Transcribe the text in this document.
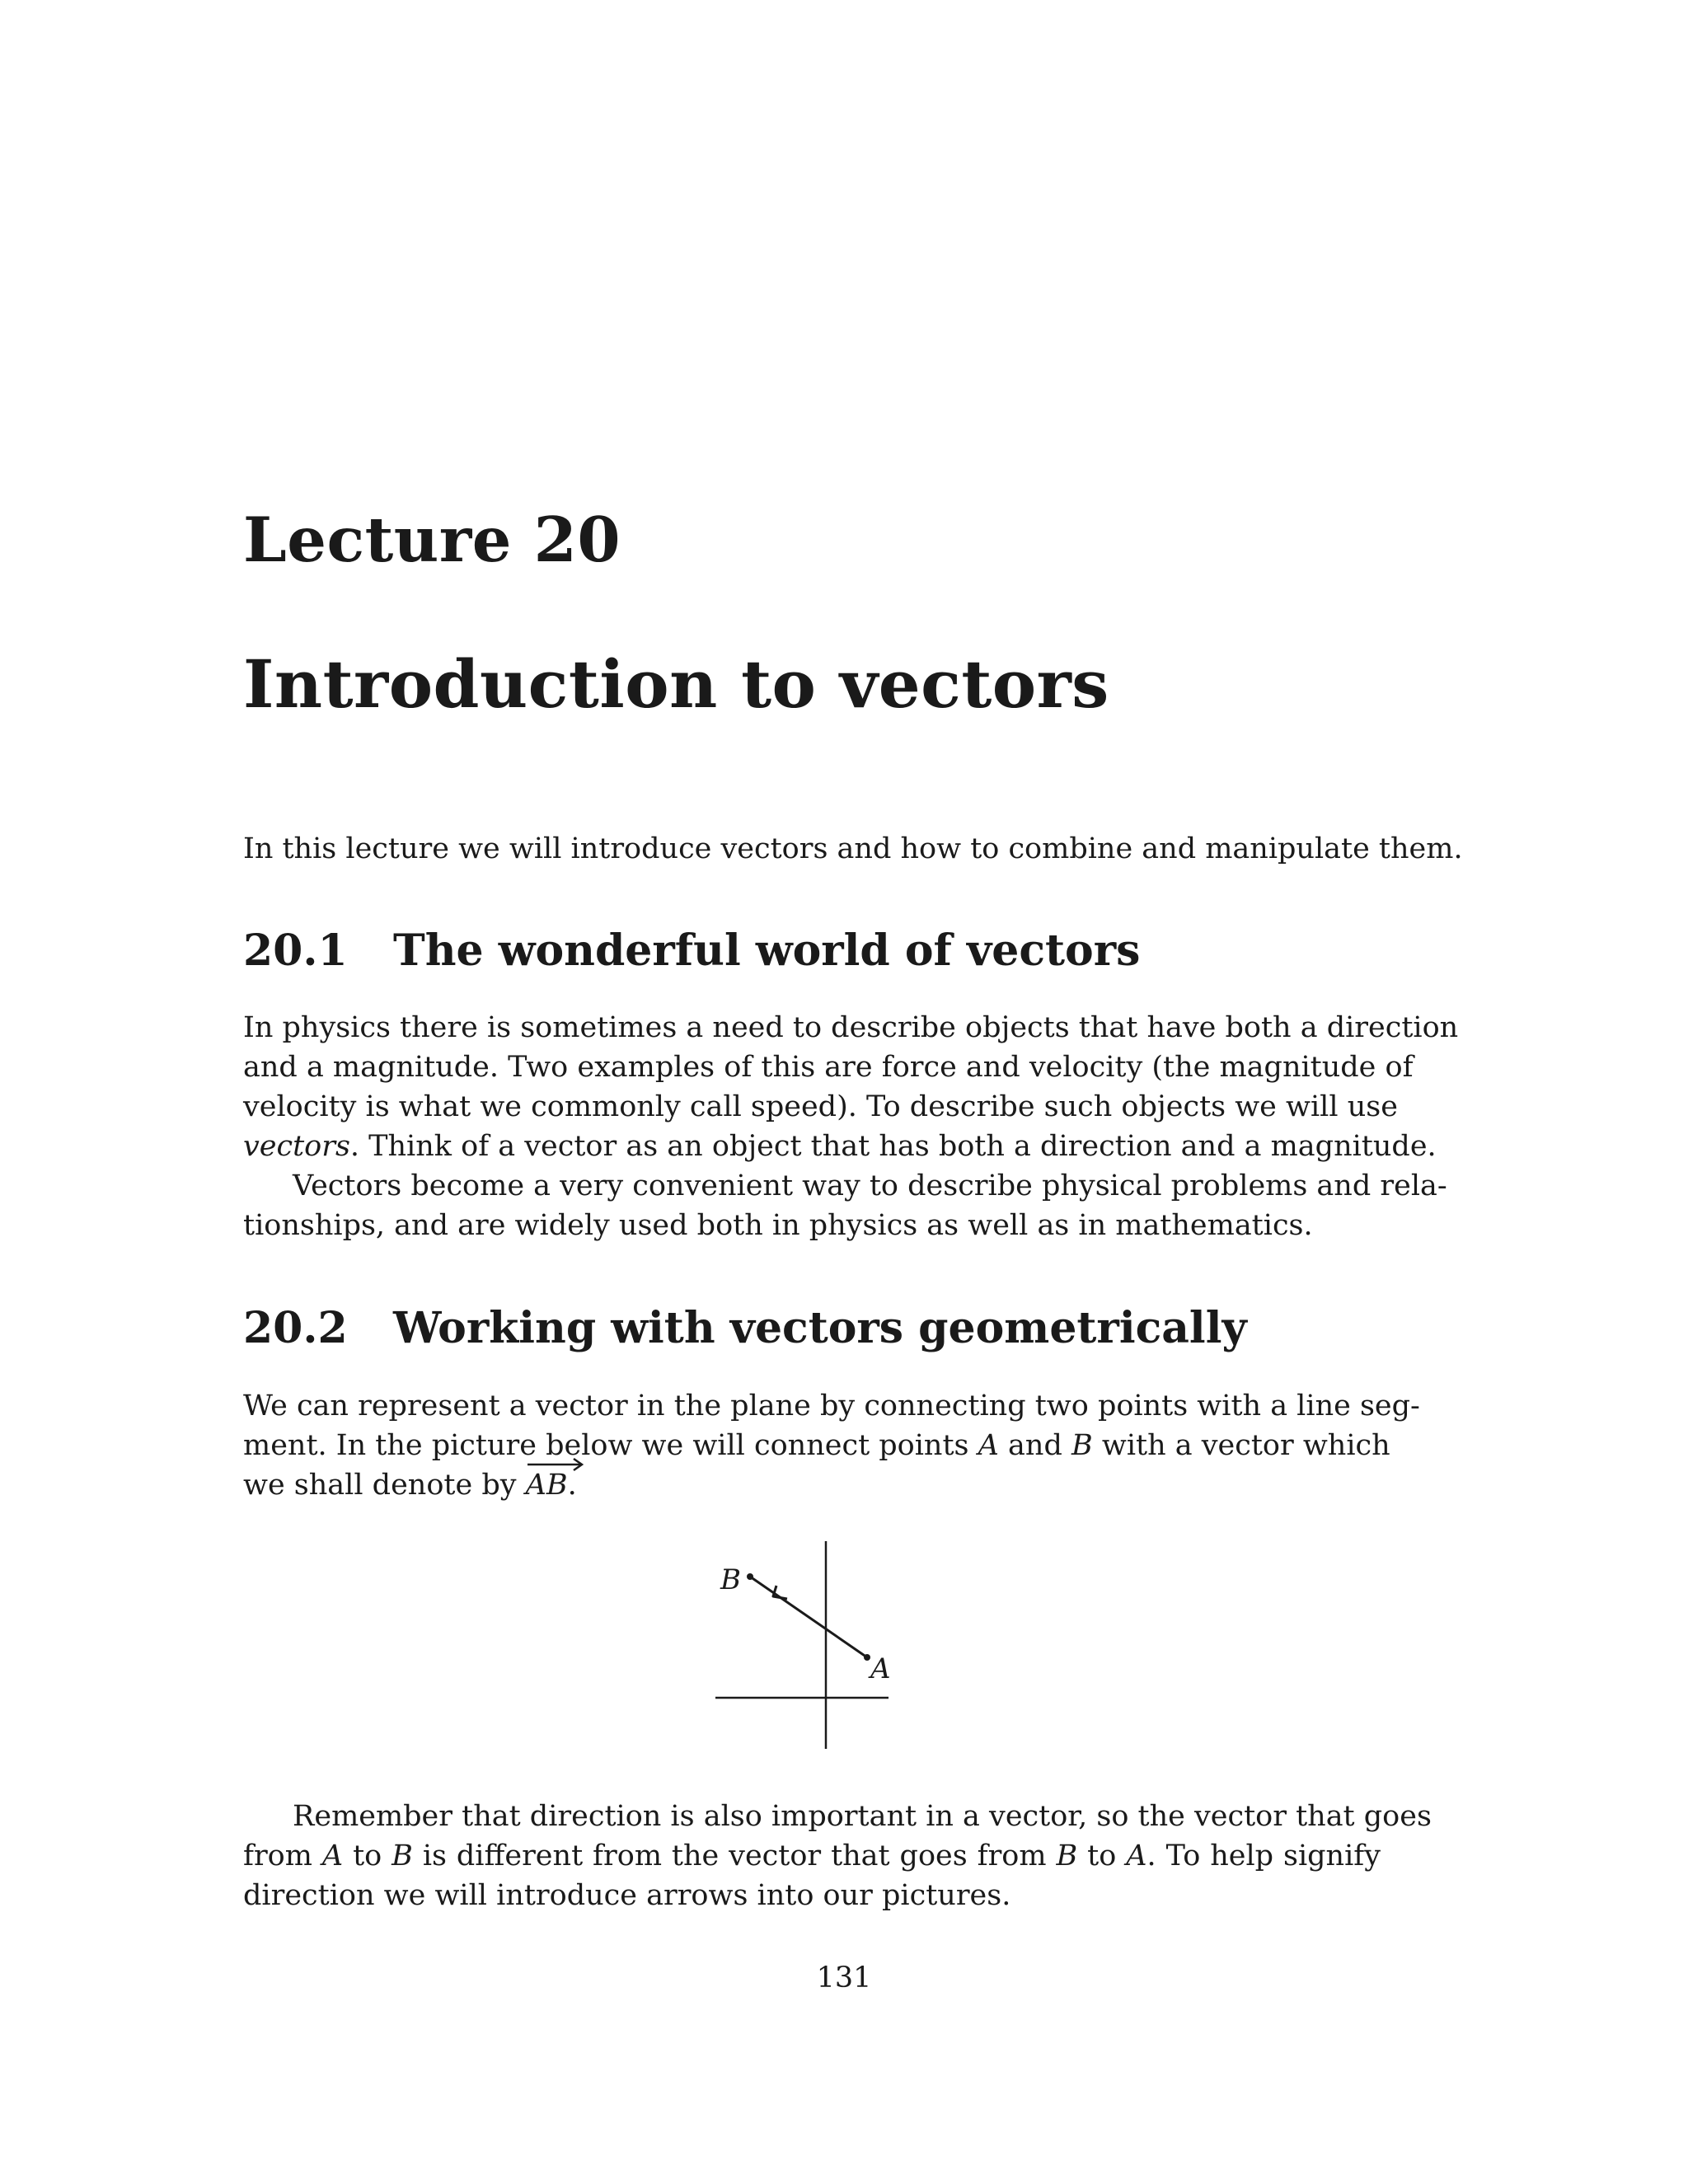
Lecture 20
Introduction to vectors

In this lecture we will introduce vectors and how to combine and manipulate them.

20.1 The wonderful world of vectors
In physics there is sometimes a need to describe objects that have both a direction
and a magnitude. Two examples of this are force and velocity (the magnitude of
velocity is what we commonly call speed). To describe such objects we will use
vectors. Think of a vector as an object that has both a direction and a magnitude.
Vectors become a very convenient way to describe physical problems and rela-
tionships, and are widely used both in physics as well as in mathematics.
20.2 Working with vectors geometrically
We can represent a vector in the plane by connecting two points with a line seg-
ment. In the picture below we will connect points A and B with a vector which
we shall denote by
AB.
B
A
Remember that direction is also important in a vector, so the vector that goes
from A to B is different from the vector that goes from B to A. To help signify
direction we will introduce arrows into our pictures.
131
